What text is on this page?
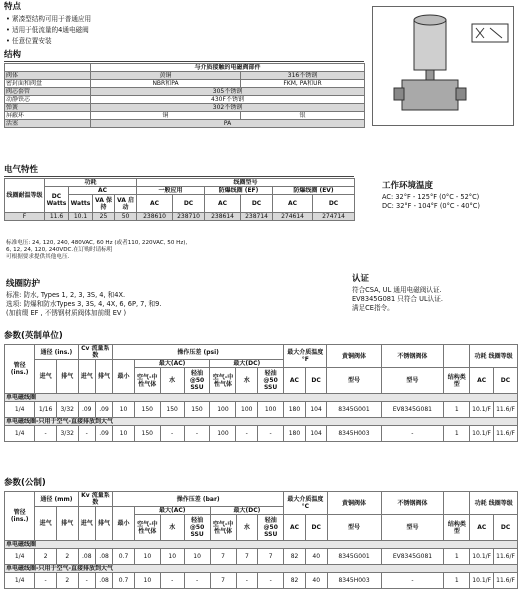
特点
• 紧凑型结构可用于普通应用
• 适用于低流量的4通电磁阀
• 任意位置安装
结构
	与介质接触的电磁阀部件	
阀体	黄铜	316不锈钢
密封面和阀盘	NBR和PA	FKM, PA和UR
阀芯套管	305不锈钢	
动静铁芯	430F不锈钢	
弹簧	302不锈钢	
屏蔽环	铜	银
活塞	PA	
电气特性
线圈耐温等级	功耗				线圈型号					
	DC Watts	AC			一般应用		防爆线圈 (EF)		防爆线圈 (EV)	
		Watts	VA 保持	VA 启动	AC	DC	AC	DC	AC	DC
F	11.6	10.1	25	50	238610	238710	238614	238714	274614	274714
标准电压: 24, 120, 240, 480VAC, 60 Hz (或者110, 220VAC, 50 Hz),
6, 12, 24, 120, 240VDC.在订购时请标明
可根据要求提供其他电压.
工作环境温度
AC: 32°F - 125°F (0°C - 52°C)
DC: 32°F - 104°F (0°C - 40°C)
线圈防护
标准: 防水, Types 1, 2, 3, 3S, 4, 和4X.
选项: 防爆和防水Types 3, 3S, 4, 4X, 6, 6P, 7, 和9.
(加前缀 EF , 不锈钢材质阀体加前缀 EV )
认证
符合CSA, UL 通用电磁阀认证.
EV8345G081 只符合 UL认证.
满足CE指令。
参数(英制单位)
管径 (ins.)	通径 (ins.)		Cv 流量系数		操作压差 (psi)							最大介质温度 °F		黄铜阀体	不锈钢阀体		功耗 线圈等级	
	进气	排气	进气	排气	最小	最大(AC)			最大(DC)									
						空气-中性气体	水	轻油@50 SSU	空气-中性气体	水	轻油@50 SSU	AC	DC	型号	型号	结构类型	AC	DC
单电磁线圈																		
1/4	1/16	3/32	.09	.09	10	150	150	150	100	100	100	180	104	8345G001	EV8345G081	1	10.1/F	11.6/F
单电磁线圈-只用于空气-直接排放到大气																		
1/4	-	3/32	-	.09	10	150	-	-	100	-	-	180	104	8345H003	-	1	10.1/F	11.6/F
参数(公制)
管径 (ins.)	通径 (mm)		Kv 流量系数		操作压差 (bar)							最大介质温度 °C		黄铜阀体	不锈钢阀体		功耗 线圈等级	
	进气	排气	进气	排气	最小	最大(AC)			最大(DC)									
						空气-中性气体	水	轻油@50 SSU	空气-中性气体	水	轻油@50 SSU	AC	DC	型号	型号	结构类型	AC	DC
单电磁线圈																		
1/4	2	2	.08	.08	0.7	10	10	10	7	7	7	82	40	8345G001	EV8345G081	1	10.1/F	11.6/F
单电磁线圈-只用于空气-直接排放到大气																		
1/4	-	2	-	.08	0.7	10	-	-	7	-	-	82	40	8345H003	-	1	10.1/F	11.6/F
